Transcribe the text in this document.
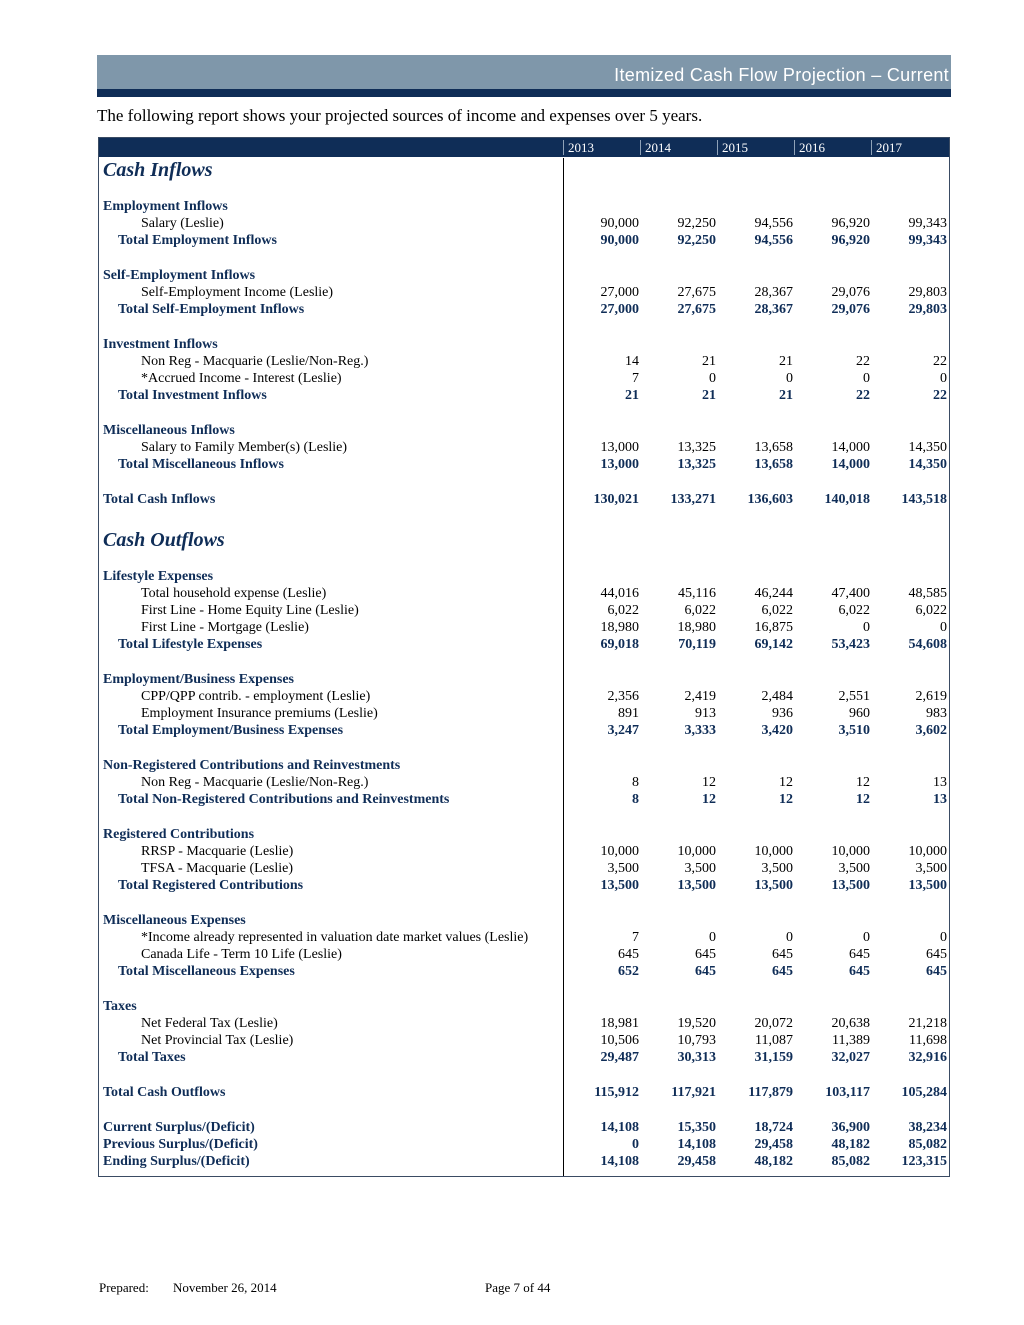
Itemized Cash Flow Projection – Current
The following report shows your projected sources of income and expenses over 5 years.
2013	2014	2015	2016	2017
Cash Inflows
Employment Inflows
Salary (Leslie)	90,000	92,250	94,556	96,920	99,343
Total Employment Inflows	90,000	92,250	94,556	96,920	99,343
Self-Employment Inflows
Self-Employment Income (Leslie)	27,000	27,675	28,367	29,076	29,803
Total Self-Employment Inflows	27,000	27,675	28,367	29,076	29,803
Investment Inflows
Non Reg - Macquarie (Leslie/Non-Reg.)	14	21	21	22	22
*Accrued Income - Interest (Leslie)	7	0	0	0	0
Total Investment Inflows	21	21	21	22	22
Miscellaneous Inflows
Salary to Family Member(s) (Leslie)	13,000	13,325	13,658	14,000	14,350
Total Miscellaneous Inflows	13,000	13,325	13,658	14,000	14,350
Total Cash Inflows	130,021	133,271	136,603	140,018	143,518
Cash Outflows
Lifestyle Expenses
Total household expense (Leslie)	44,016	45,116	46,244	47,400	48,585
First Line - Home Equity Line (Leslie)	6,022	6,022	6,022	6,022	6,022
First Line - Mortgage (Leslie)	18,980	18,980	16,875	0	0
Total Lifestyle Expenses	69,018	70,119	69,142	53,423	54,608
Employment/Business Expenses
CPP/QPP contrib. - employment (Leslie)	2,356	2,419	2,484	2,551	2,619
Employment Insurance premiums (Leslie)	891	913	936	960	983
Total Employment/Business Expenses	3,247	3,333	3,420	3,510	3,602
Non-Registered Contributions and Reinvestments
Non Reg - Macquarie (Leslie/Non-Reg.)	8	12	12	12	13
Total Non-Registered Contributions and Reinvestments	8	12	12	12	13
Registered Contributions
RRSP - Macquarie (Leslie)	10,000	10,000	10,000	10,000	10,000
TFSA - Macquarie (Leslie)	3,500	3,500	3,500	3,500	3,500
Total Registered Contributions	13,500	13,500	13,500	13,500	13,500
Miscellaneous Expenses
*Income already represented in valuation date market values (Leslie)	7	0	0	0	0
Canada Life - Term 10 Life (Leslie)	645	645	645	645	645
Total Miscellaneous Expenses	652	645	645	645	645
Taxes
Net Federal Tax (Leslie)	18,981	19,520	20,072	20,638	21,218
Net Provincial Tax (Leslie)	10,506	10,793	11,087	11,389	11,698
Total Taxes	29,487	30,313	31,159	32,027	32,916
Total Cash Outflows	115,912	117,921	117,879	103,117	105,284
Current Surplus/(Deficit)	14,108	15,350	18,724	36,900	38,234
Previous Surplus/(Deficit)	0	14,108	29,458	48,182	85,082
Ending Surplus/(Deficit)	14,108	29,458	48,182	85,082	123,315
Prepared: November 26, 2014	Page 7 of 44
